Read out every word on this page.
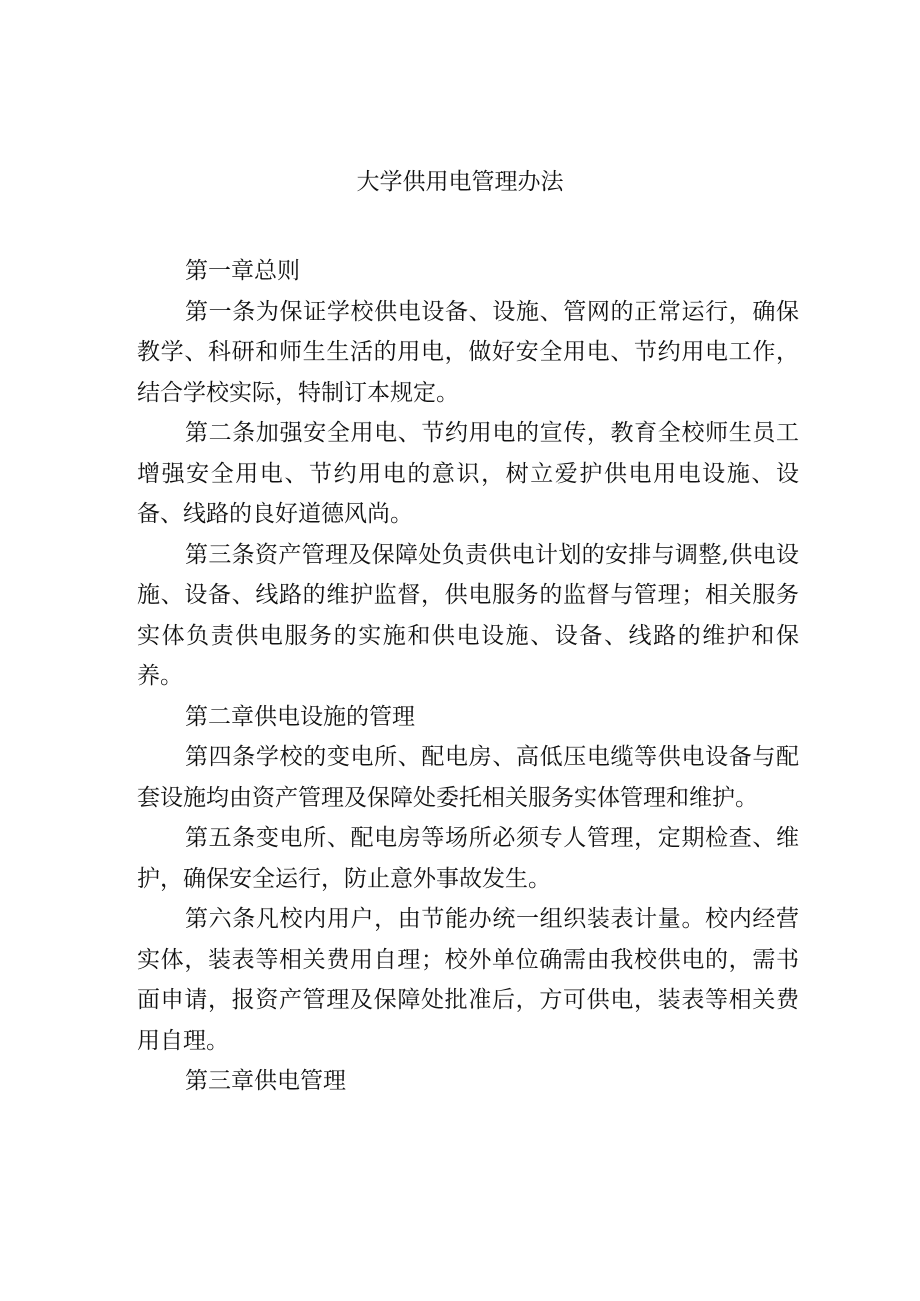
大学供用电管理办法

第一章总则

第一条为保证学校供电设备、设施、管网的正常运行，确保教学、科研和师生生活的用电，做好安全用电、节约用电工作，结合学校实际，特制订本规定。

第二条加强安全用电、节约用电的宣传，教育全校师生员工增强安全用电、节约用电的意识，树立爱护供电用电设施、设备、线路的良好道德风尚。

第三条资产管理及保障处负责供电计划的安排与调整,供电设施、设备、线路的维护监督，供电服务的监督与管理；相关服务实体负责供电服务的实施和供电设施、设备、线路的维护和保养。

第二章供电设施的管理

第四条学校的变电所、配电房、高低压电缆等供电设备与配套设施均由资产管理及保障处委托相关服务实体管理和维护。

第五条变电所、配电房等场所必须专人管理，定期检查、维护，确保安全运行，防止意外事故发生。

第六条凡校内用户，由节能办统一组织装表计量。校内经营实体，装表等相关费用自理；校外单位确需由我校供电的，需书面申请，报资产管理及保障处批准后，方可供电，装表等相关费用自理。

第三章供电管理
